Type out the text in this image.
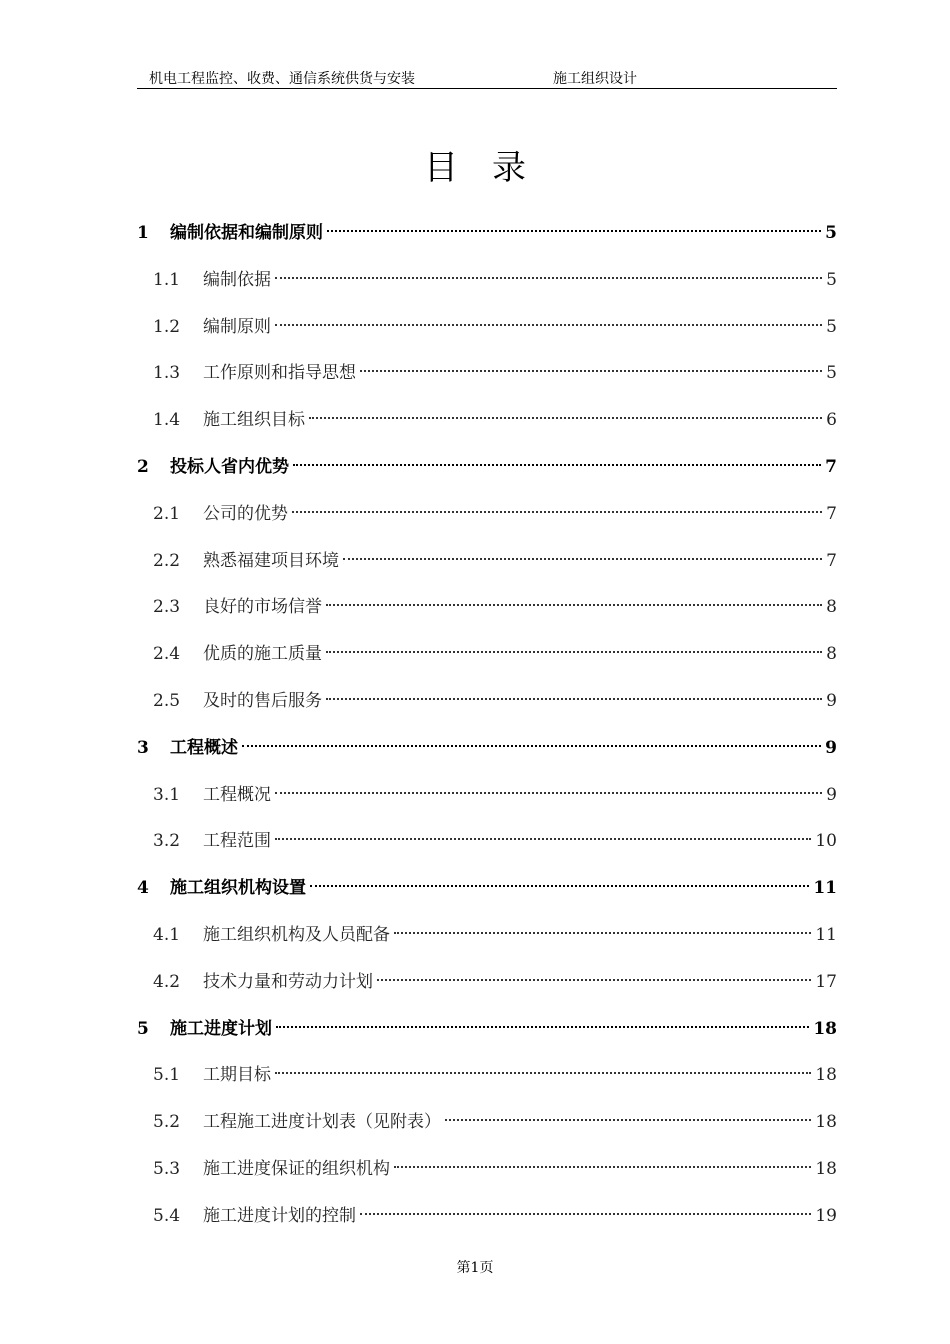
机电工程监控、收费、通信系统供货与安装	施工组织设计
目录
1	编制依据和编制原则	5
1.1	编制依据	5
1.2	编制原则	5
1.3	工作原则和指导思想	5
1.4	施工组织目标	6
2	投标人省内优势	7
2.1	公司的优势	7
2.2	熟悉福建项目环境	7
2.3	良好的市场信誉	8
2.4	优质的施工质量	8
2.5	及时的售后服务	9
3	工程概述	9
3.1	工程概况	9
3.2	工程范围	10
4	施工组织机构设置	11
4.1	施工组织机构及人员配备	11
4.2	技术力量和劳动力计划	17
5	施工进度计划	18
5.1	工期目标	18
5.2	工程施工进度计划表（见附表）	18
5.3	施工进度保证的组织机构	18
5.4	施工进度计划的控制	19
第1页
